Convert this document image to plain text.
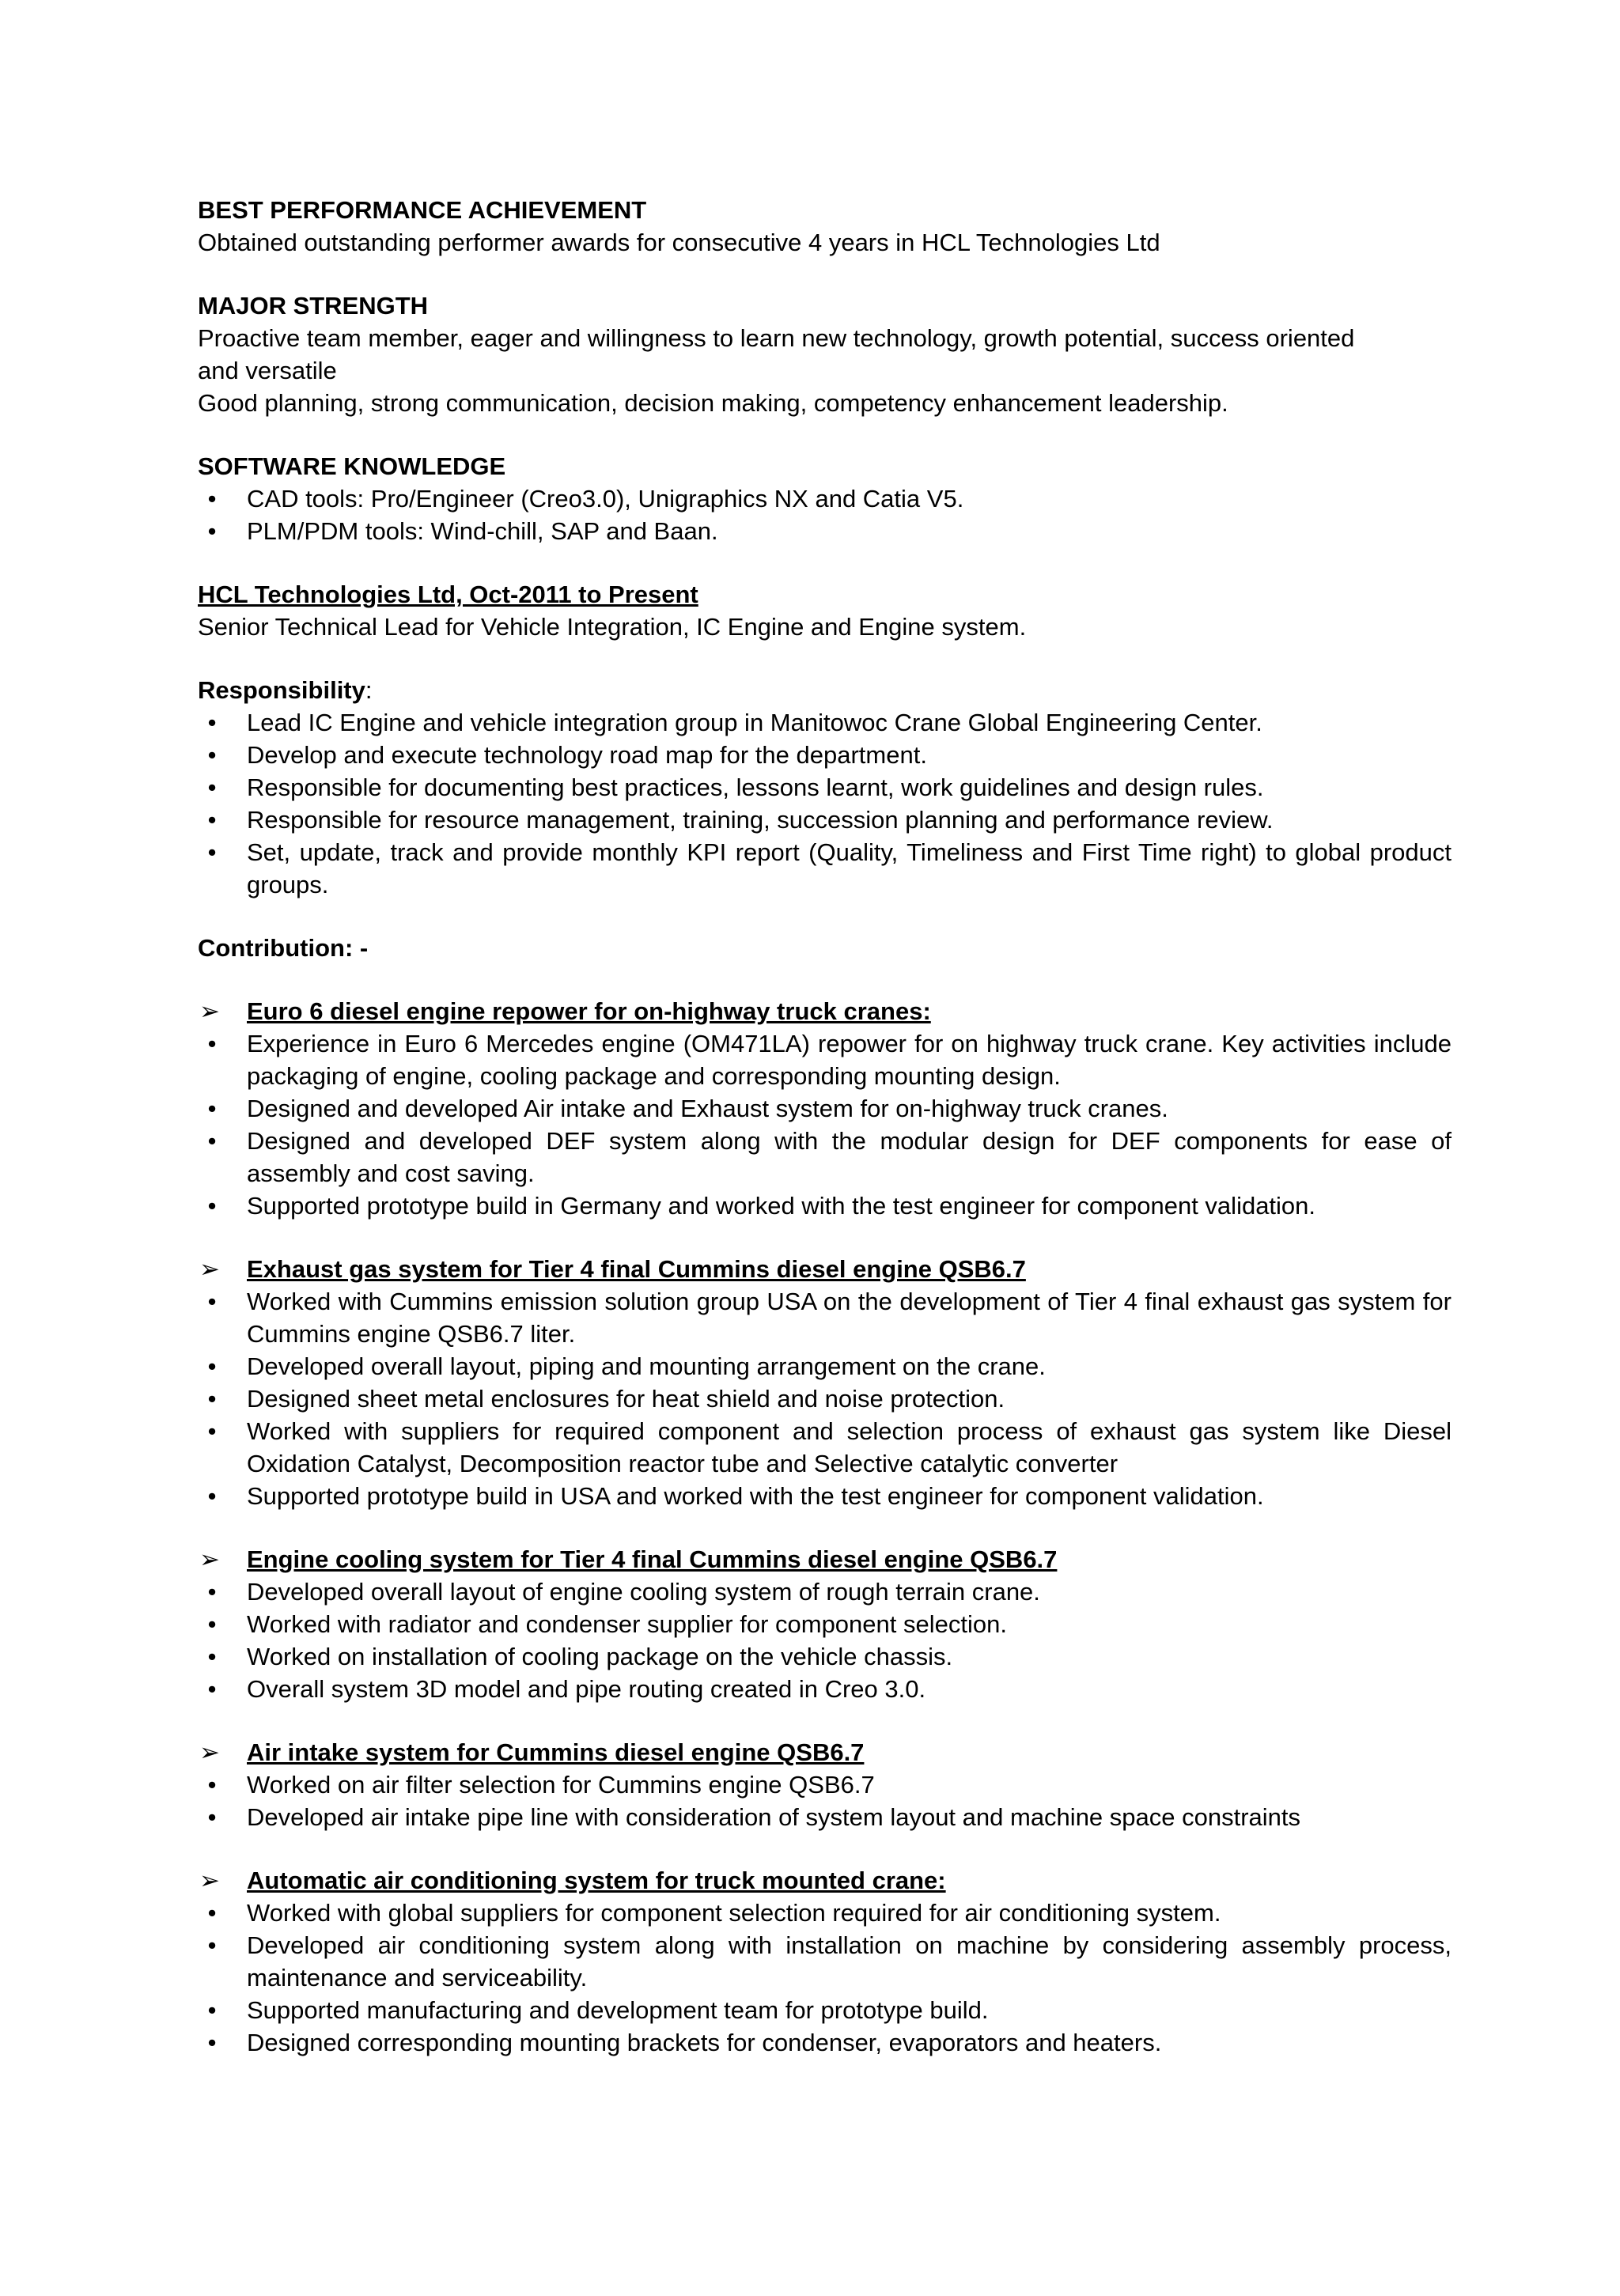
BEST PERFORMANCE ACHIEVEMENT

Obtained outstanding performer awards for consecutive 4 years in HCL Technologies Ltd

MAJOR STRENGTH

Proactive team member, eager and willingness to learn new technology, growth potential, success oriented and versatile

Good planning, strong communication, decision making, competency enhancement leadership.

SOFTWARE KNOWLEDGE

• CAD tools: Pro/Engineer (Creo3.0), Unigraphics NX and Catia V5.
• PLM/PDM tools: Wind-chill, SAP and Baan.

HCL Technologies Ltd, Oct-2011 to Present

Senior Technical Lead for Vehicle Integration, IC Engine and Engine system.

Responsibility:

• Lead IC Engine and vehicle integration group in Manitowoc Crane Global Engineering Center.
• Develop and execute technology road map for the department.
• Responsible for documenting best practices, lessons learnt, work guidelines and design rules.
• Responsible for resource management, training, succession planning and performance review.
• Set, update, track and provide monthly KPI report (Quality, Timeliness and First Time right) to global product groups.

Contribution: -

➢ Euro 6 diesel engine repower for on-highway truck cranes:

• Experience in Euro 6 Mercedes engine (OM471LA) repower for on highway truck crane. Key activities include packaging of engine, cooling package and corresponding mounting design.
• Designed and developed Air intake and Exhaust system for on-highway truck cranes.
• Designed and developed DEF system along with the modular design for DEF components for ease of assembly and cost saving.
• Supported prototype build in Germany and worked with the test engineer for component validation.

➢ Exhaust gas system for Tier 4 final Cummins diesel engine QSB6.7

• Worked with Cummins emission solution group USA on the development of Tier 4 final exhaust gas system for Cummins engine QSB6.7 liter.
• Developed overall layout, piping and mounting arrangement on the crane.
• Designed sheet metal enclosures for heat shield and noise protection.
• Worked with suppliers for required component and selection process of exhaust gas system like Diesel Oxidation Catalyst, Decomposition reactor tube and Selective catalytic converter
• Supported prototype build in USA and worked with the test engineer for component validation.

➢ Engine cooling system for Tier 4 final Cummins diesel engine QSB6.7

• Developed overall layout of engine cooling system of rough terrain crane.
• Worked with radiator and condenser supplier for component selection.
• Worked on installation of cooling package on the vehicle chassis.
• Overall system 3D model and pipe routing created in Creo 3.0.

➢ Air intake system for Cummins diesel engine QSB6.7

• Worked on air filter selection for Cummins engine QSB6.7
• Developed air intake pipe line with consideration of system layout and machine space constraints

➢ Automatic air conditioning system for truck mounted crane:

• Worked with global suppliers for component selection required for air conditioning system.
• Developed air conditioning system along with installation on machine by considering assembly process, maintenance and serviceability.
• Supported manufacturing and development team for prototype build.
• Designed corresponding mounting brackets for condenser, evaporators and heaters.
